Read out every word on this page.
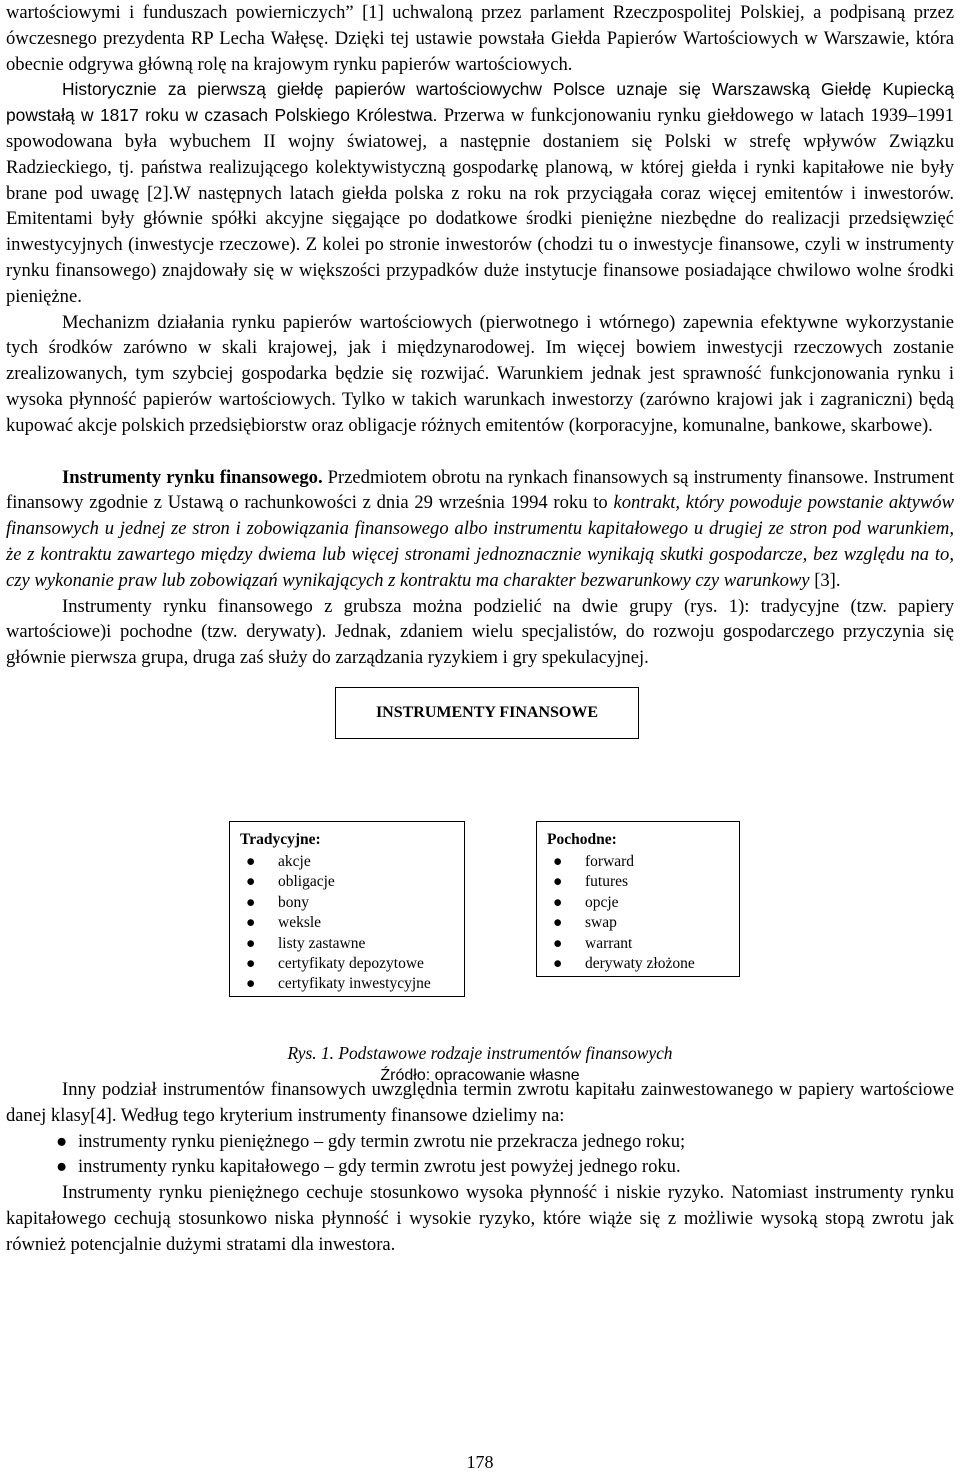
wartościowymi i funduszach powierniczych” [1] uchwaloną przez parlament Rzeczpospolitej Polskiej, a podpisaną przez ówczesnego prezydenta RP Lecha Wałęsę. Dzięki tej ustawie powstała Giełda Papierów Wartościowych w Warszawie, która obecnie odgrywa główną rolę na krajowym rynku papierów wartościowych.

Historycznie za pierwszą giełdę papierów wartościowychw Polsce uznaje się Warszawską Giełdę Kupiecką powstałą w 1817 roku w czasach Polskiego Królestwa. Przerwa w funkcjonowaniu rynku giełdowego w latach 1939–1991 spowodowana była wybuchem II wojny światowej, a następnie dostaniem się Polski w strefę wpływów Związku Radzieckiego, tj. państwa realizującego kolektywistyczną gospodarkę planową, w której giełda i rynki kapitałowe nie były brane pod uwagę [2].W następnych latach giełda polska z roku na rok przyciągała coraz więcej emitentów i inwestorów. Emitentami były głównie spółki akcyjne sięgające po dodatkowe środki pieniężne niezbędne do realizacji przedsięwzięć inwestycyjnych (inwestycje rzeczowe). Z kolei po stronie inwestorów (chodzi tu o inwestycje finansowe, czyli w instrumenty rynku finansowego) znajdowały się w większości przypadków duże instytucje finansowe posiadające chwilowo wolne środki pieniężne.

Mechanizm działania rynku papierów wartościowych (pierwotnego i wtórnego) zapewnia efektywne wykorzystanie tych środków zarówno w skali krajowej, jak i międzynarodowej. Im więcej bowiem inwestycji rzeczowych zostanie zrealizowanych, tym szybciej gospodarka będzie się rozwijać. Warunkiem jednak jest sprawność funkcjonowania rynku i wysoka płynność papierów wartościowych. Tylko w takich warunkach inwestorzy (zarówno krajowi jak i zagraniczni) będą kupować akcje polskich przedsiębiorstw oraz obligacje różnych emitentów (korporacyjne, komunalne, bankowe, skarbowe).

Instrumenty rynku finansowego. Przedmiotem obrotu na rynkach finansowych są instrumenty finansowe. Instrument finansowy zgodnie z Ustawą o rachunkowości z dnia 29 września 1994 roku to kontrakt, który powoduje powstanie aktywów finansowych u jednej ze stron i zobowiązania finansowego albo instrumentu kapitałowego u drugiej ze stron pod warunkiem, że z kontraktu zawartego między dwiema lub więcej stronami jednoznacznie wynikają skutki gospodarcze, bez względu na to, czy wykonanie praw lub zobowiązań wynikających z kontraktu ma charakter bezwarunkowy czy warunkowy [3].

Instrumenty rynku finansowego z grubsza można podzielić na dwie grupy (rys. 1): tradycyjne (tzw. papiery wartościowe)i pochodne (tzw. derywaty). Jednak, zdaniem wielu specjalistów, do rozwoju gospodarczego przyczynia się głównie pierwsza grupa, druga zaś służy do zarządzania ryzykiem i gry spekulacyjnej.

INSTRUMENTY FINANSOWE
Tradycyjne:
● akcje
● obligacje
● bony
● weksle
● listy zastawne
● certyfikaty depozytowe
● certyfikaty inwestycyjne
Pochodne:
● forward
● futures
● opcje
● swap
● warrant
● derywaty złożone
Rys. 1. Podstawowe rodzaje instrumentów finansowych
Źródło: opracowanie własne

Inny podział instrumentów finansowych uwzględnia termin zwrotu kapitału zainwestowanego w papiery wartościowe danej klasy[4]. Według tego kryterium instrumenty finansowe dzielimy na:

● instrumenty rynku pieniężnego – gdy termin zwrotu nie przekracza jednego roku;
● instrumenty rynku kapitałowego – gdy termin zwrotu jest powyżej jednego roku.

Instrumenty rynku pieniężnego cechuje stosunkowo wysoka płynność i niskie ryzyko. Natomiast instrumenty rynku kapitałowego cechują stosunkowo niska płynność i wysokie ryzyko, które wiąże się z możliwie wysoką stopą zwrotu jak również potencjalnie dużymi stratami dla inwestora.

178
